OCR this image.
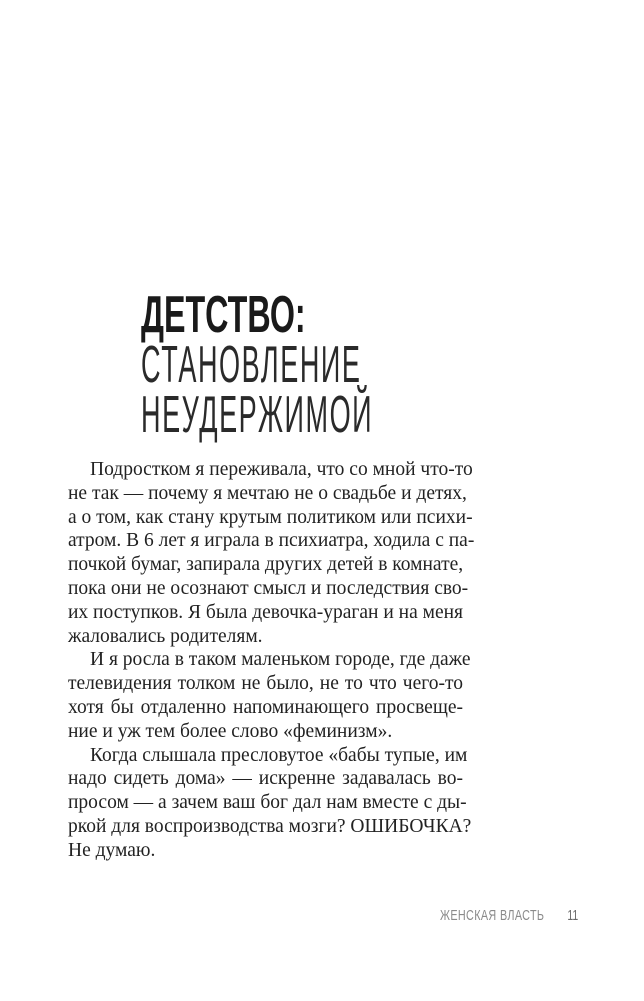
ДЕТСТВО:
СТАНОВЛЕНИЕ
НЕУДЕРЖИМОЙ
Подростком я переживала, что со мной что-то
не так — почему я мечтаю не о свадьбе и детях,
а о том, как стану крутым политиком или психи-
атром. В 6 лет я играла в психиатра, ходила с па-
почкой бумаг, запирала других детей в комнате,
пока они не осознают смысл и последствия сво-
их поступков. Я была девочка-ураган и на меня
жаловались родителям.
И я росла в таком маленьком городе, где даже
телевидения толком не было, не то что чего-то
хотя бы отдаленно напоминающего просвеще-
ние и уж тем более слово «феминизм».
Когда слышала пресловутое «бабы тупые, им
надо сидеть дома» — искренне задавалась во-
просом — а зачем ваш бог дал нам вместе с ды-
ркой для воспроизводства мозги? ОШИБОЧКА?
Не думаю.
ЖЕНСКАЯ ВЛАСТЬ 11
